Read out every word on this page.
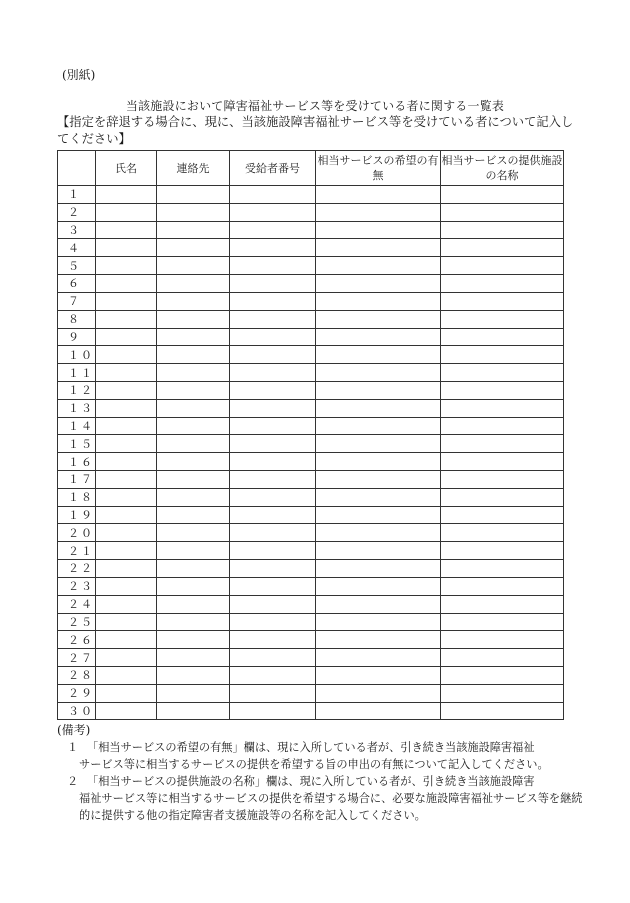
(別紙)
当該施設において障害福祉サービス等を受けている者に関する一覧表
【指定を辞退する場合に、現に、当該施設障害福祉サービス等を受けている者について記入してください】
	氏名	連絡先	受給者番号	相当サービスの希望の有無	相当サービスの提供施設の名称
１					
２					
３					
４					
５					
６					
７					
８					
９					
１０					
１１					
１２					
１３					
１４					
１５					
１６					
１７					
１８					
１９					
２０					
２１					
２２					
２３					
２４					
２５					
２６					
２７					
２８					
２９					
３０					
(備考)
１ 「相当サービスの希望の有無」欄は、現に入所している者が、引き続き当該施設障害福祉
サービス等に相当するサービスの提供を希望する旨の申出の有無について記入してください。
２ 「相当サービスの提供施設の名称」欄は、現に入所している者が、引き続き当該施設障害
福祉サービス等に相当するサービスの提供を希望する場合に、必要な施設障害福祉サービス等を継続的に提供する他の指定障害者支援施設等の名称を記入してください。
